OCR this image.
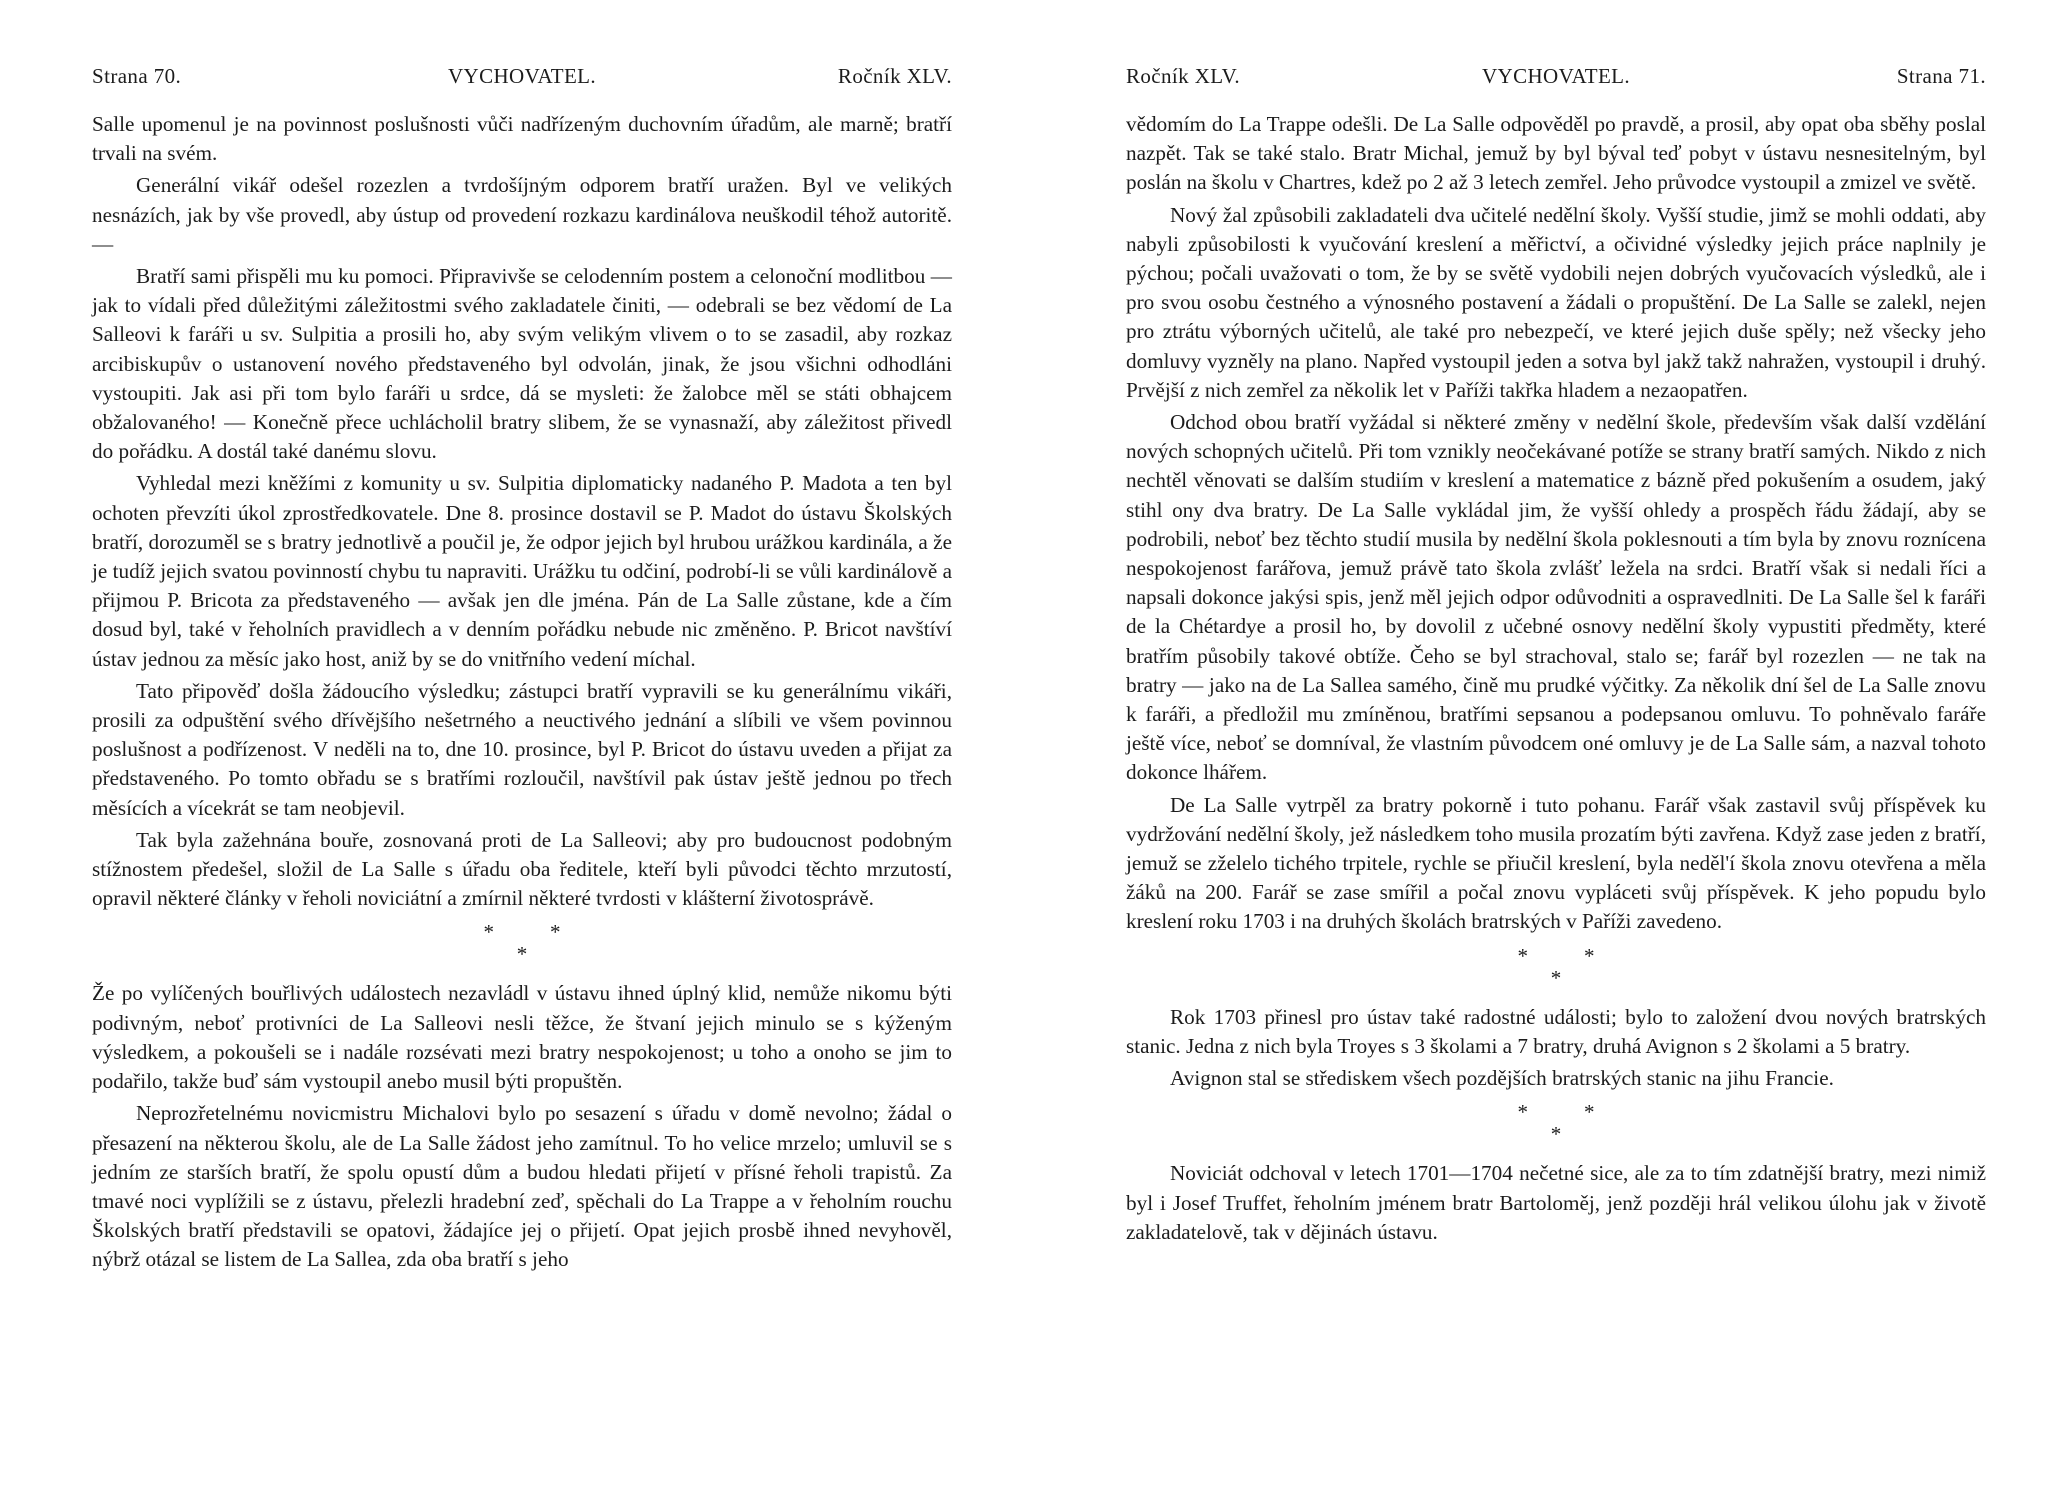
Strana 70.	VYCHOVATEL.	Ročník XLV.

Salle upomenul je na povinnost poslušnosti vůči nadřízeným duchovním úřadům, ale marně; bratří trvali na svém.

Generální vikář odešel rozezlen a tvrdošíjným odporem bratří uražen. Byl ve velikých nesnázích, jak by vše provedl, aby ústup od provedení rozkazu kardinálova neuškodil téhož autoritě. —

Bratří sami přispěli mu ku pomoci. Připravivše se celodenním postem a celonoční modlitbou — jak to vídali před důležitými záležitostmi svého zakladatele činiti, — odebrali se bez vědomí de La Salleovi k faráři u sv. Sulpitia a prosili ho, aby svým velikým vlivem o to se zasadil, aby rozkaz arcibiskupův o ustanovení nového představeného byl odvolán, jinak, že jsou všichni odhodláni vystoupiti. Jak asi při tom bylo faráři u srdce, dá se mysleti: že žalobce měl se státi obhajcem obžalovaného! — Konečně přece uchlácholil bratry slibem, že se vynasnaží, aby záležitost přivedl do pořádku. A dostál také danému slovu.

Vyhledal mezi kněžími z komunity u sv. Sulpitia diplomaticky nadaného P. Madota a ten byl ochoten převzíti úkol zprostředkovatele. Dne 8. prosince dostavil se P. Madot do ústavu Školských bratří, dorozuměl se s bratry jednotlivě a poučil je, že odpor jejich byl hrubou urážkou kardinála, a že je tudíž jejich svatou povinností chybu tu napraviti. Urážku tu odčiní, podrobí-li se vůli kardinálově a přijmou P. Bricota za představeného — avšak jen dle jména. Pán de La Salle zůstane, kde a čím dosud byl, také v řeholních pravidlech a v denním pořádku nebude nic změněno. P. Bricot navštíví ústav jednou za měsíc jako host, aniž by se do vnitřního vedení míchal.

Tato připověď došla žádoucího výsledku; zástupci bratří vypravili se ku generálnímu vikáři, prosili za odpuštění svého dřívějšího nešetrného a neuctivého jednání a slíbili ve všem povinnou poslušnost a podřízenost. V neděli na to, dne 10. prosince, byl P. Bricot do ústavu uveden a přijat za představeného. Po tomto obřadu se s bratřími rozloučil, navštívil pak ústav ještě jednou po třech měsících a vícekrát se tam neobjevil.

Tak byla zažehnána bouře, zosnovaná proti de La Salleovi; aby pro budoucnost podobným stížnostem předešel, složil de La Salle s úřadu oba ředitele, kteří byli původci těchto mrzutostí, opravil některé články v řeholi noviciátní a zmírnil některé tvrdosti v klášterní životosprávě.

*	*
*

Že po vylíčených bouřlivých událostech nezavládl v ústavu ihned úplný klid, nemůže nikomu býti podivným, neboť protivníci de La Salleovi nesli těžce, že štvaní jejich minulo se s kýženým výsledkem, a pokoušeli se i nadále rozsévati mezi bratry nespokojenost; u toho a onoho se jim to podařilo, takže buď sám vystoupil anebo musil býti propuštěn.

Neprozřetelnému novicmistru Michalovi bylo po sesazení s úřadu v domě nevolno; žádal o přesazení na některou školu, ale de La Salle žádost jeho zamítnul. To ho velice mrzelo; umluvil se s jedním ze starších bratří, že spolu opustí dům a budou hledati přijetí v přísné řeholi trapistů. Za tmavé noci vyplížili se z ústavu, přelezli hradební zeď, spěchali do La Trappe a v řeholním rouchu Školských bratří představili se opatovi, žádajíce jej o přijetí. Opat jejich prosbě ihned nevyhověl, nýbrž otázal se listem de La Sallea, zda oba bratří s jeho

Ročník XLV.	VYCHOVATEL.	Strana 71.

vědomím do La Trappe odešli. De La Salle odpověděl po pravdě, a prosil, aby opat oba sběhy poslal nazpět. Tak se také stalo. Bratr Michal, jemuž by byl býval teď pobyt v ústavu nesnesitelným, byl poslán na školu v Chartres, kdež po 2 až 3 letech zemřel. Jeho průvodce vystoupil a zmizel ve světě.

Nový žal způsobili zakladateli dva učitelé nedělní školy. Vyšší studie, jimž se mohli oddati, aby nabyli způsobilosti k vyučování kreslení a měřictví, a očividné výsledky jejich práce naplnily je pýchou; počali uvažovati o tom, že by se světě vydobili nejen dobrých vyučovacích výsledků, ale i pro svou osobu čestného a výnosného postavení a žádali o propuštění. De La Salle se zalekl, nejen pro ztrátu výborných učitelů, ale také pro nebezpečí, ve které jejich duše spěly; než všecky jeho domluvy vyzněly na plano. Napřed vystoupil jeden a sotva byl jakž takž nahražen, vystoupil i druhý. Prvější z nich zemřel za několik let v Paříži takřka hladem a nezaopatřen.

Odchod obou bratří vyžádal si některé změny v nedělní škole, především však další vzdělání nových schopných učitelů. Při tom vznikly neočekávané potíže se strany bratří samých. Nikdo z nich nechtěl věnovati se dalším studiím v kreslení a matematice z bázně před pokušením a osudem, jaký stihl ony dva bratry. De La Salle vykládal jim, že vyšší ohledy a prospěch řádu žádají, aby se podrobili, neboť bez těchto studií musila by nedělní škola poklesnouti a tím byla by znovu roznícena nespokojenost farářova, jemuž právě tato škola zvlášť ležela na srdci. Bratří však si nedali říci a napsali dokonce jakýsi spis, jenž měl jejich odpor odůvodniti a ospravedlniti. De La Salle šel k faráři de la Chétardye a prosil ho, by dovolil z učebné osnovy nedělní školy vypustiti předměty, které bratřím působily takové obtíže. Čeho se byl strachoval, stalo se; farář byl rozezlen — ne tak na bratry — jako na de La Sallea samého, čině mu prudké výčitky. Za několik dní šel de La Salle znovu k faráři, a předložil mu zmíněnou, bratřími sepsanou a podepsanou omluvu. To pohněvalo faráře ještě více, neboť se domníval, že vlastním původcem oné omluvy je de La Salle sám, a nazval tohoto dokonce lhářem.

De La Salle vytrpěl za bratry pokorně i tuto pohanu. Farář však zastavil svůj příspěvek ku vydržování nedělní školy, jež následkem toho musila prozatím býti zavřena. Když zase jeden z bratří, jemuž se zželelo tichého trpitele, rychle se přiučil kreslení, byla neděl'í škola znovu otevřena a měla žáků na 200. Farář se zase smířil a počal znovu vypláceti svůj příspěvek. K jeho popudu bylo kreslení roku 1703 i na druhých školách bratrských v Paříži zavedeno.

*	*
*

Rok 1703 přinesl pro ústav také radostné události; bylo to založení dvou nových bratrských stanic. Jedna z nich byla Troyes s 3 školami a 7 bratry, druhá Avignon s 2 školami a 5 bratry.

Avignon stal se střediskem všech pozdějších bratrských stanic na jihu Francie.

*	*
*

Noviciát odchoval v letech 1701—1704 nečetné sice, ale za to tím zdatnější bratry, mezi nimiž byl i Josef Truffet, řeholním jménem bratr Bartoloměj, jenž později hrál velikou úlohu jak v životě zakladatelově, tak v dějinách ústavu.
